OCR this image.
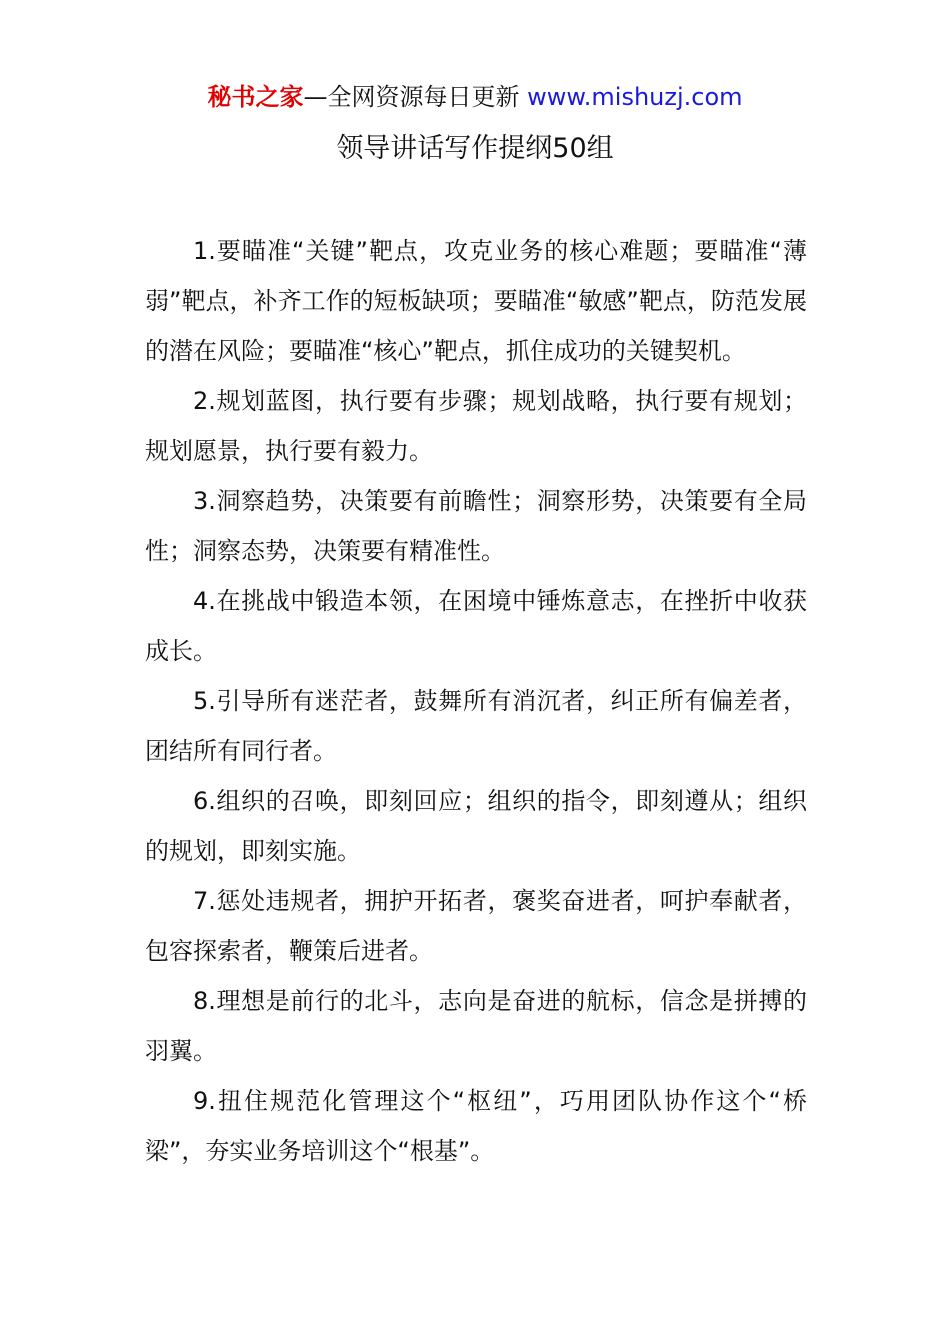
秘书之家—全网资源每日更新 www.mishuzj.com
领导讲话写作提纲50组

1.要瞄准“关键”靶点，攻克业务的核心难题；要瞄准“薄弱”靶点，补齐工作的短板缺项；要瞄准“敏感”靶点，防范发展的潜在风险；要瞄准“核心”靶点，抓住成功的关键契机。

2.规划蓝图，执行要有步骤；规划战略，执行要有规划；规划愿景，执行要有毅力。

3.洞察趋势，决策要有前瞻性；洞察形势，决策要有全局性；洞察态势，决策要有精准性。

4.在挑战中锻造本领，在困境中锤炼意志，在挫折中收获成长。

5.引导所有迷茫者，鼓舞所有消沉者，纠正所有偏差者，团结所有同行者。

6.组织的召唤，即刻回应；组织的指令，即刻遵从；组织的规划，即刻实施。

7.惩处违规者，拥护开拓者，褒奖奋进者，呵护奉献者，包容探索者，鞭策后进者。

8.理想是前行的北斗，志向是奋进的航标，信念是拼搏的羽翼。

9.扭住规范化管理这个“枢纽”，巧用团队协作这个“桥梁”，夯实业务培训这个“根基”。
